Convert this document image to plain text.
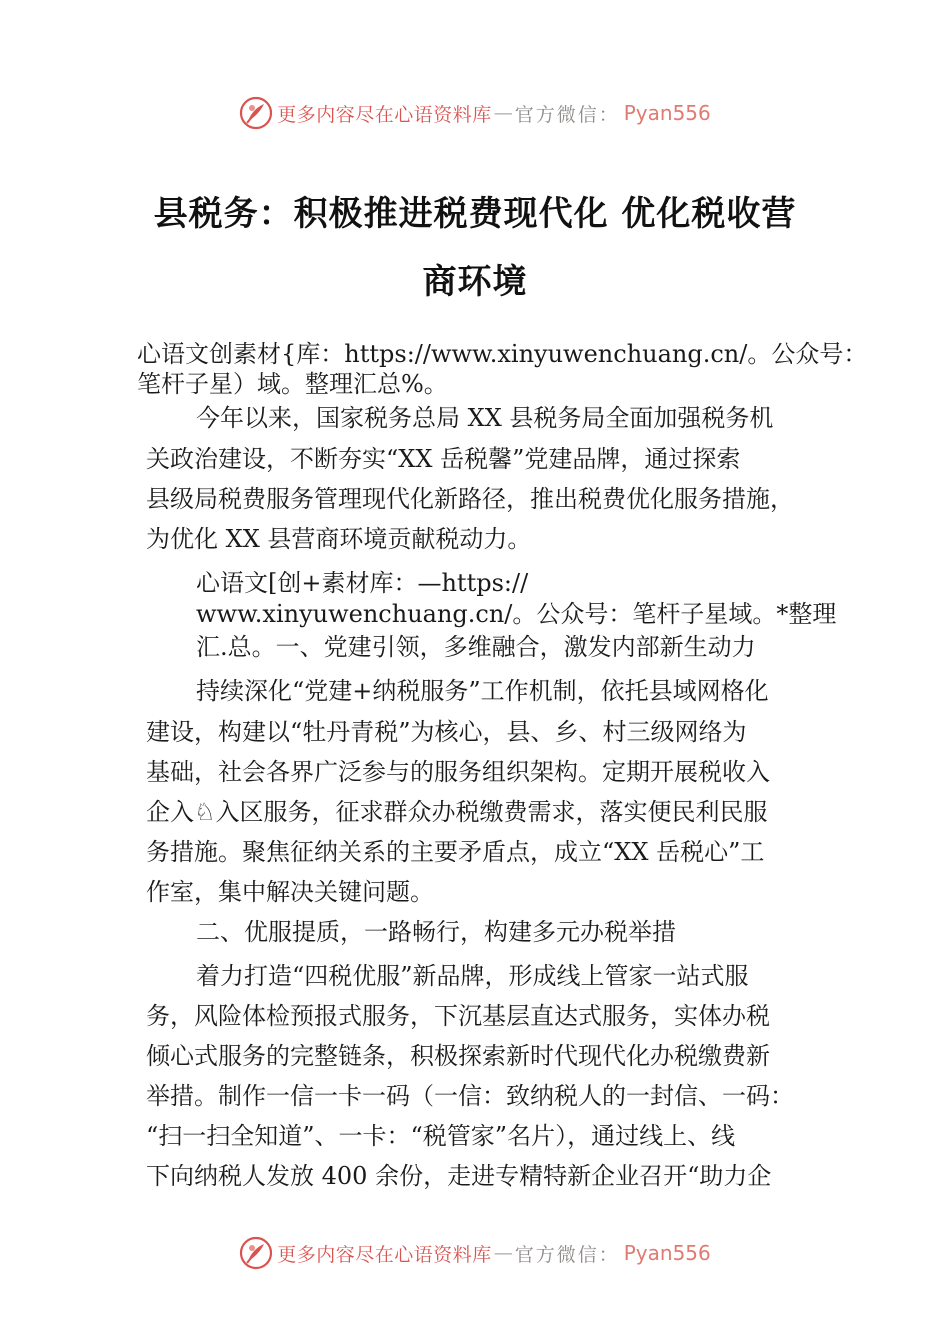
更多内容尽在心语资料库 — 官方微信： Pyan556
县税务：积极推进税费现代化 优化税收营
商环境
心语文创素材{库：https://www.xinyuwenchuang.cn/。公众号：
笔杆子星）域。整理汇总%。
今年以来，国家税务总局 XX 县税务局全面加强税务机
关政治建设，不断夯实“XX 岳税馨”党建品牌，通过探索
县级局税费服务管理现代化新路径，推出税费优化服务措施，
为优化 XX 县营商环境贡献税动力。
心语文[创+素材库：—https://
www.xinyuwenchuang.cn/。公众号：笔杆子星域。*整理
汇.总。一、党建引领，多维融合，激发内部新生动力
持续深化“党建+纳税服务”工作机制，依托县域网格化
建设，构建以“牡丹青税”为核心，县、乡、村三级网络为
基础，社会各界广泛参与的服务组织架构。定期开展税收入
企入♘入区服务，征求群众办税缴费需求，落实便民利民服
务措施。聚焦征纳关系的主要矛盾点，成立“XX 岳税心”工
作室，集中解决关键问题。
二、优服提质，一路畅行，构建多元办税举措
着力打造“四税优服”新品牌，形成线上管家一站式服
务，风险体检预报式服务，下沉基层直达式服务，实体办税
倾心式服务的完整链条，积极探索新时代现代化办税缴费新
举措。制作一信一卡一码（一信：致纳税人的一封信、一码：
“扫一扫全知道”、一卡：“税管家”名片），通过线上、线
下向纳税人发放 400 余份，走进专精特新企业召开“助力企
更多内容尽在心语资料库 — 官方微信： Pyan556
